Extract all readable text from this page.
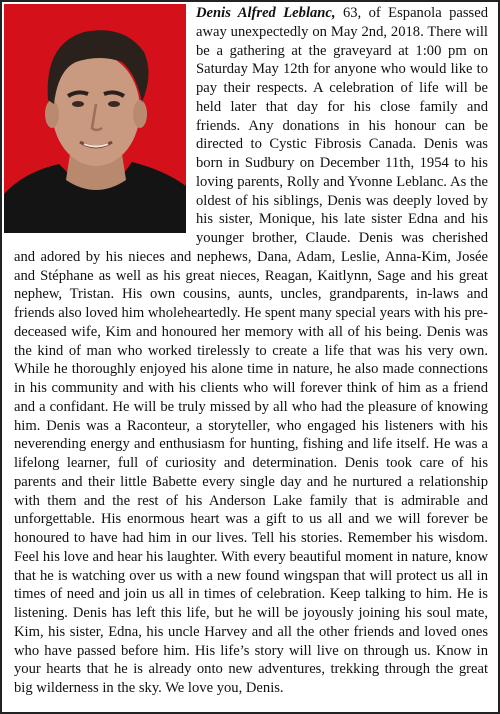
Denis Alfred Leblanc, 63, of Espanola passed away unexpectedly on May 2nd, 2018. There will be a gathering at the graveyard at 1:00 pm on Saturday May 12th for anyone who would like to pay their respects. A celebration of life will be held later that day for his close family and friends. Any donations in his honour can be directed to Cystic Fibrosis Canada. Denis was born in Sudbury on December 11th, 1954 to his loving parents, Rolly and Yvonne Leblanc. As the oldest of his siblings, Denis was deeply loved by his sister, Monique, his late sister Edna and his younger brother, Claude. Denis was cherished and adored by his nieces and nephews, Dana, Adam, Leslie, Anna-Kim, Josée and Stéphane as well as his great nieces, Reagan, Kaitlynn, Sage and his great nephew, Tristan. His own cousins, aunts, uncles, grandparents, in-laws and friends also loved him wholeheartedly. He spent many special years with his pre-deceased wife, Kim and honoured her memory with all of his being. Denis was the kind of man who worked tirelessly to create a life that was his very own. While he thoroughly enjoyed his alone time in nature, he also made connections in his community and with his clients who will forever think of him as a friend and a confidant. He will be truly missed by all who had the pleasure of knowing him. Denis was a Raconteur, a storyteller, who engaged his listeners with his neverending energy and enthusiasm for hunting, fishing and life itself. He was a lifelong learner, full of curiosity and determination. Denis took care of his parents and their little Babette every single day and he nurtured a relationship with them and the rest of his Anderson Lake family that is admirable and unforgettable. His enormous heart was a gift to us all and we will forever be honoured to have had him in our lives. Tell his stories. Remember his wisdom. Feel his love and hear his laughter. With every beautiful moment in nature, know that he is watching over us with a new found wingspan that will protect us all in times of need and join us all in times of celebration. Keep talking to him. He is listening. Denis has left this life, but he will be joyously joining his soul mate, Kim, his sister, Edna, his uncle Harvey and all the other friends and loved ones who have passed before him. His life’s story will live on through us. Know in your hearts that he is already onto new adventures, trekking through the great big wilderness in the sky. We love you, Denis.
